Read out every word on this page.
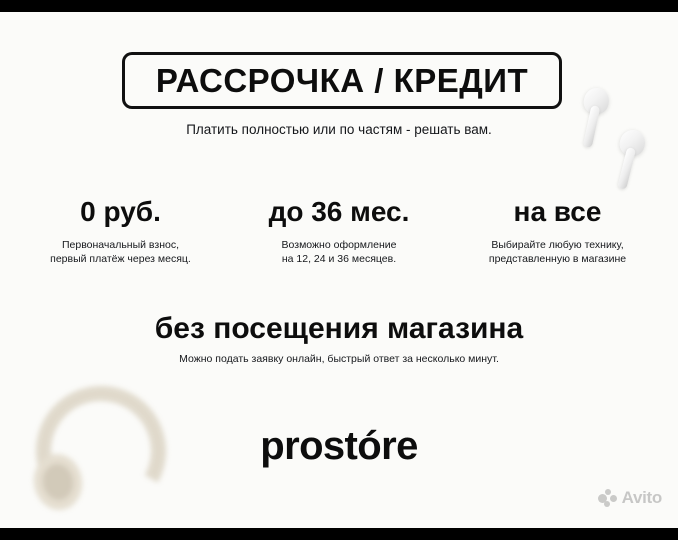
РАССРОЧКА / КРЕДИТ
Платить полностью или по частям - решать вам.
0 руб.
Первоначальный взнос,
первый платёж через месяц.
до 36 мес.
Возможно оформление
на 12, 24 и 36 месяцев.
на все
Выбирайте любую технику,
представленную в магазине
без посещения магазина
Можно подать заявку онлайн, быстрый ответ за несколько минут.
prostóre
Avito
